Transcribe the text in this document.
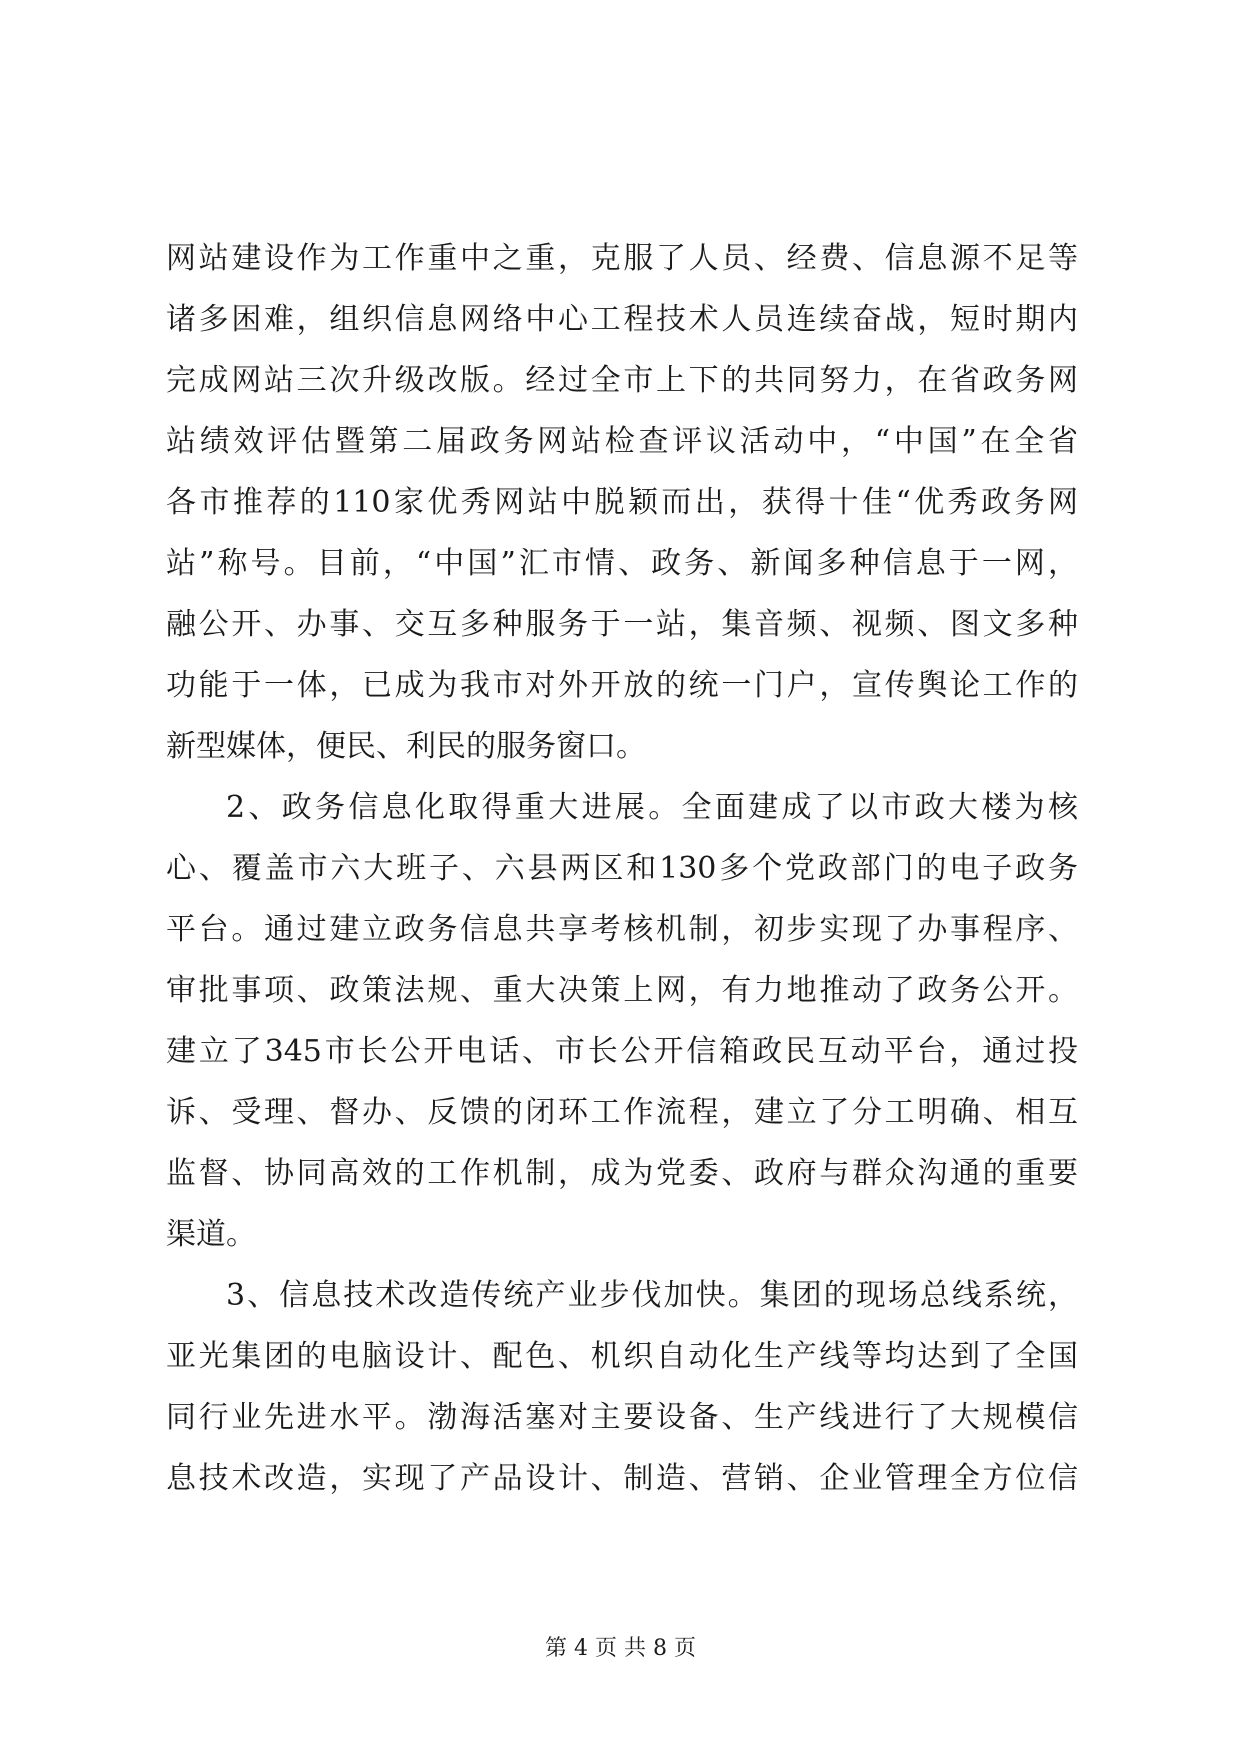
网站建设作为工作重中之重，克服了人员、经费、信息源不足等
诸多困难，组织信息网络中心工程技术人员连续奋战，短时期内
完成网站三次升级改版。经过全市上下的共同努力，在省政务网
站绩效评估暨第二届政务网站检查评议活动中，“中国”在全省
各市推荐的110家优秀网站中脱颖而出，获得十佳“优秀政务网
站”称号。目前，“中国”汇市情、政务、新闻多种信息于一网，
融公开、办事、交互多种服务于一站，集音频、视频、图文多种
功能于一体，已成为我市对外开放的统一门户，宣传舆论工作的
新型媒体，便民、利民的服务窗口。
2、政务信息化取得重大进展。全面建成了以市政大楼为核
心、覆盖市六大班子、六县两区和130多个党政部门的电子政务
平台。通过建立政务信息共享考核机制，初步实现了办事程序、
审批事项、政策法规、重大决策上网，有力地推动了政务公开。
建立了345市长公开电话、市长公开信箱政民互动平台，通过投
诉、受理、督办、反馈的闭环工作流程，建立了分工明确、相互
监督、协同高效的工作机制，成为党委、政府与群众沟通的重要
渠道。
3、信息技术改造传统产业步伐加快。集团的现场总线系统，
亚光集团的电脑设计、配色、机织自动化生产线等均达到了全国
同行业先进水平。渤海活塞对主要设备、生产线进行了大规模信
息技术改造，实现了产品设计、制造、营销、企业管理全方位信
第 4 页 共 8 页
